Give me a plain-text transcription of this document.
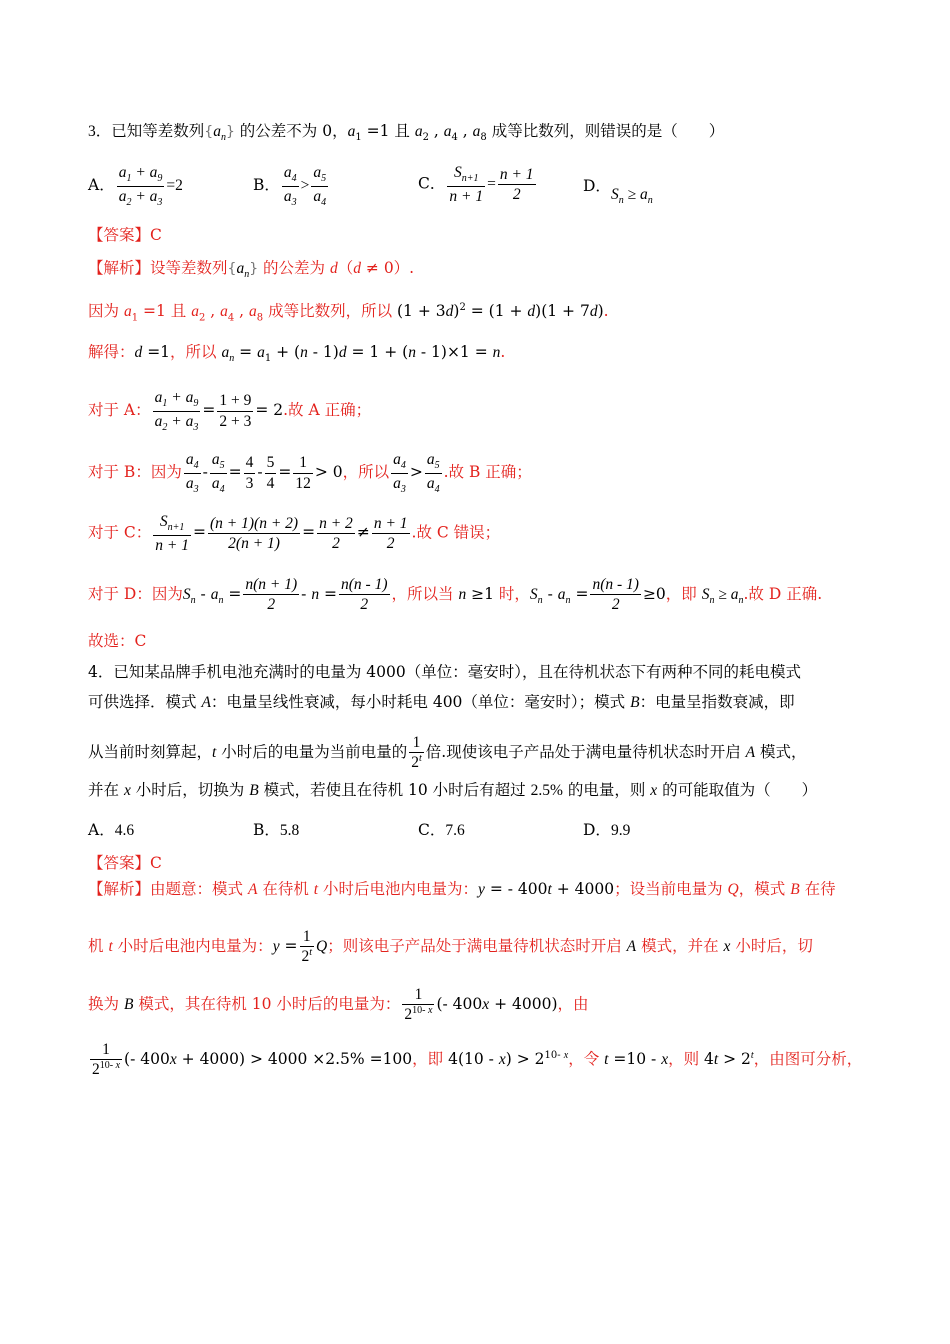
3．已知等差数列$\{a_n\}$ 的公差不为 0，$a_1 =1$ 且 $a_2$ , $a_4$ , $a_8$ 成等比数列，则错误的是（　　）
A． $\frac{a_1 + a_9}{a_2 + a_3} =2$	B． $\frac{a_4}{a_3} > \frac{a_5}{a_4}$	C． $\frac{S_{n+1}}{n + 1} = \frac{n + 1}{2}$	D．$S_n \ge a_n$
【答案】C
【解析】设等差数列$\{a_n\}$ 的公差为 d（d ≠ 0）.
因为 $a_1 =1$ 且 $a_2$ , $a_4$ , $a_8$ 成等比数列，所以 $(1 + 3d)^2 = (1 + d)(1 + 7d)$.
解得：d =1，所以 $a_n = a_1 + (n - 1)d = 1 + (n - 1)\times 1 = n$.
对于 A： $\frac{a_1 + a_9}{a_2 + a_3} = \frac{1 + 9}{2 + 3} = 2$.故 A 正确；
对于 B：因为 $\frac{a_4}{a_3} - \frac{a_5}{a_4} = \frac{4}{3} - \frac{5}{4} = \frac{1}{12} > 0$，所以 $\frac{a_4}{a_3} > \frac{a_5}{a_4}$ .故 B 正确；
对于 C： $\frac{S_{n+1}}{n + 1} = \frac{(n + 1)(n + 2)}{2(n + 1)} = \frac{n + 2}{2} \ne \frac{n + 1}{2}$ .故 C 错误；
对于 D：因为$S_n - a_n = \frac{n(n + 1)}{2} - n = \frac{n(n - 1)}{2}$ ，所以当 n ≥1 时，$S_n - a_n = \frac{n(n - 1)}{2} \ge 0$，即 $S_n \ge a_n$.故 D 正确.
故选：C
4．已知某品牌手机电池充满时的电量为 4000（单位：毫安时），且在待机状态下有两种不同的耗电模式
可供选择．模式 A：电量呈线性衰减，每小时耗电 400（单位：毫安时）；模式 B：电量呈指数衰减，即
从当前时刻算起，t 小时后的电量为当前电量的 $\frac{1}{2^t}$ 倍.现使该电子产品处于满电量待机状态时开启 A 模式，
并在 x 小时后，切换为 B 模式，若使且在待机 10 小时后有超过 2.5% 的电量，则 x 的可能取值为（　　）
A．4.6	B．5.8	C．7.6	D．9.9
【答案】C
【解析】由题意：模式 A 在待机 t 小时后电池内电量为：y = - 400t + 4000；设当前电量为 Q，模式 B 在待
机 t 小时后电池内电量为：$y = \frac{1}{2^t}$ Q；则该电子产品处于满电量待机状态时开启 A 模式，并在 x 小时后，切
换为 B 模式，其在待机 10 小时后的电量为： $\frac{1}{2^{10- x}}$ (- 400x + 4000)，由
$\frac{1}{2^{10- x}}$ (- 400x + 4000) > 4000 ×2.5% =100，即 $4(10 - x) > 2^{10- x}$，令 t =10 - x，则 $4t > 2^t$，由图可分析，
